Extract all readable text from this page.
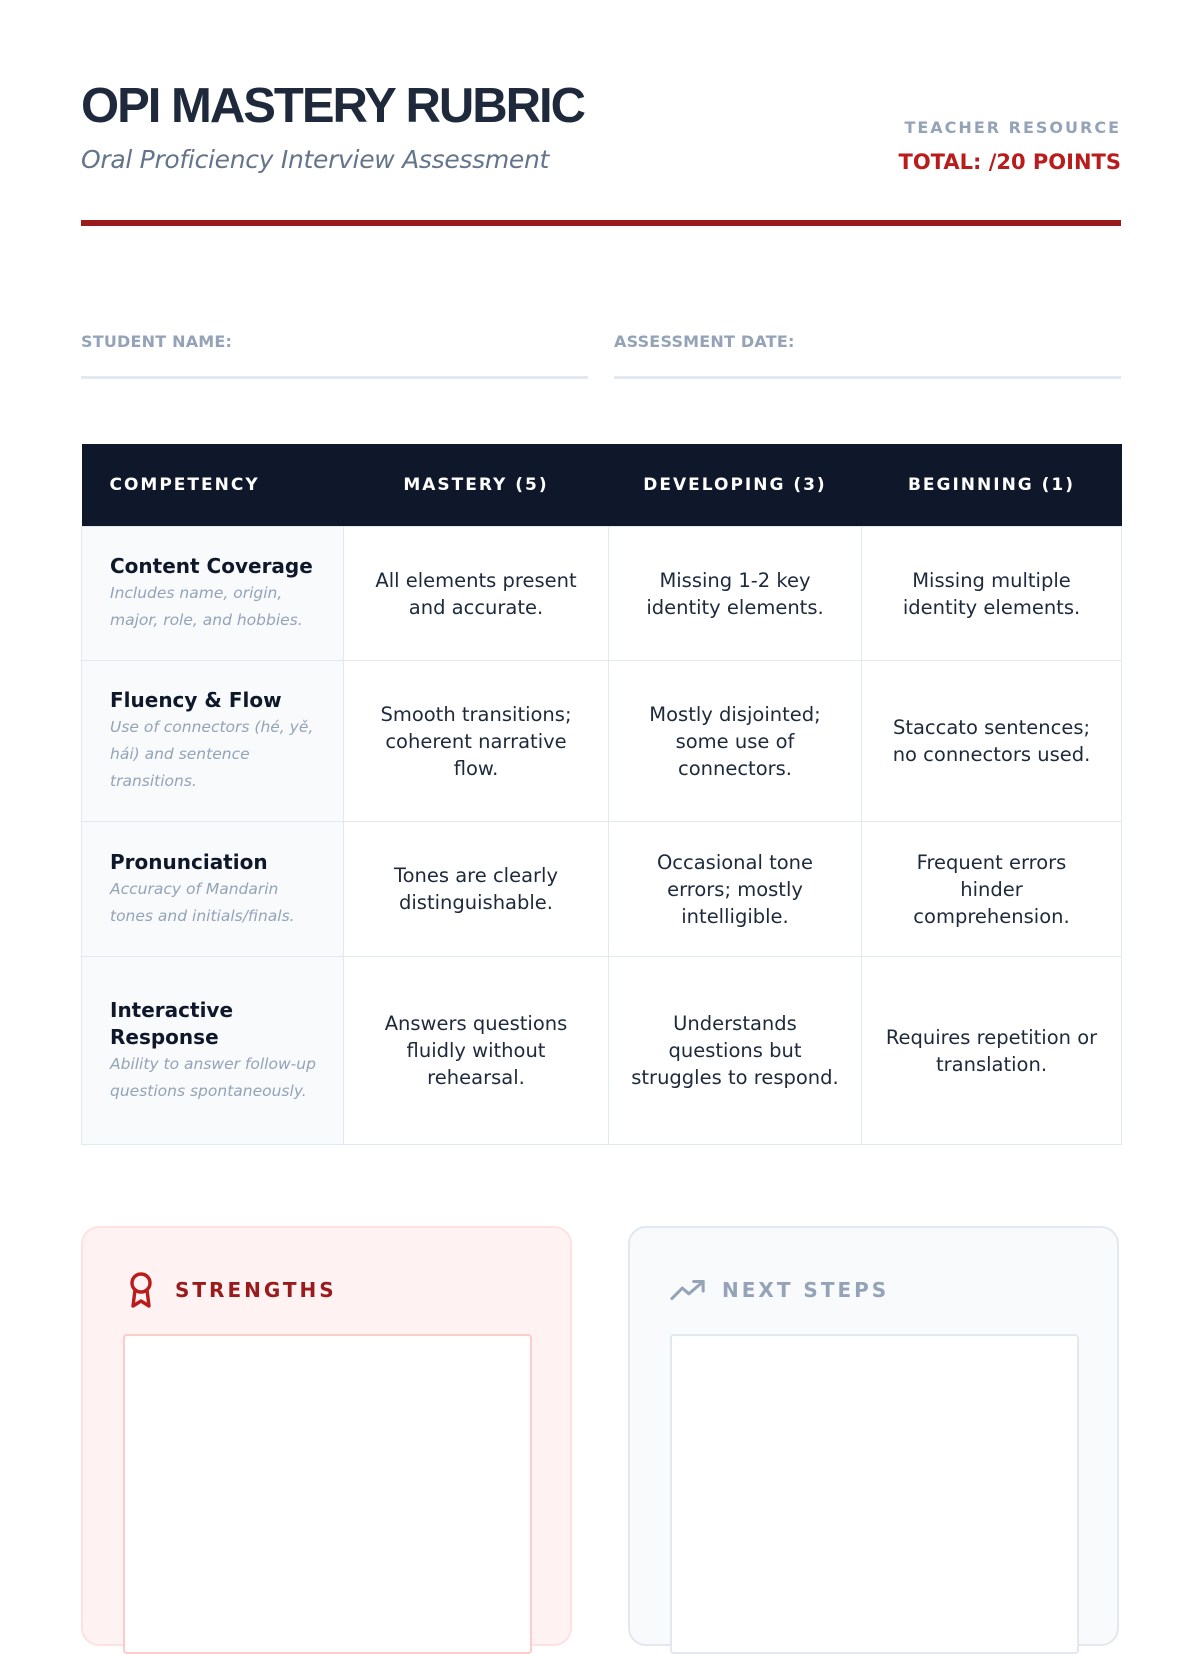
OPI MASTERY RUBRIC
Oral Proficiency Interview Assessment
TEACHER RESOURCE
TOTAL: /20 POINTS
STUDENT NAME:	ASSESSMENT DATE:
COMPETENCY	MASTERY (5)	DEVELOPING (3)	BEGINNING (1)

Content Coverage
Includes name, origin, major, role, and hobbies.	All elements present and accurate.	Missing 1-2 key identity elements.	Missing multiple identity elements.

Fluency & Flow
Use of connectors (hé, yě, hái) and sentence transitions.	Smooth transitions; coherent narrative flow.	Mostly disjointed; some use of connectors.	Staccato sentences; no connectors used.

Pronunciation
Accuracy of Mandarin tones and initials/finals.	Tones are clearly distinguishable.	Occasional tone errors; mostly intelligible.	Frequent errors hinder comprehension.

Interactive Response
Ability to answer follow-up questions spontaneously.	Answers questions fluidly without rehearsal.	Understands questions but struggles to respond.	Requires repetition or translation.
STRENGTHS	NEXT STEPS
